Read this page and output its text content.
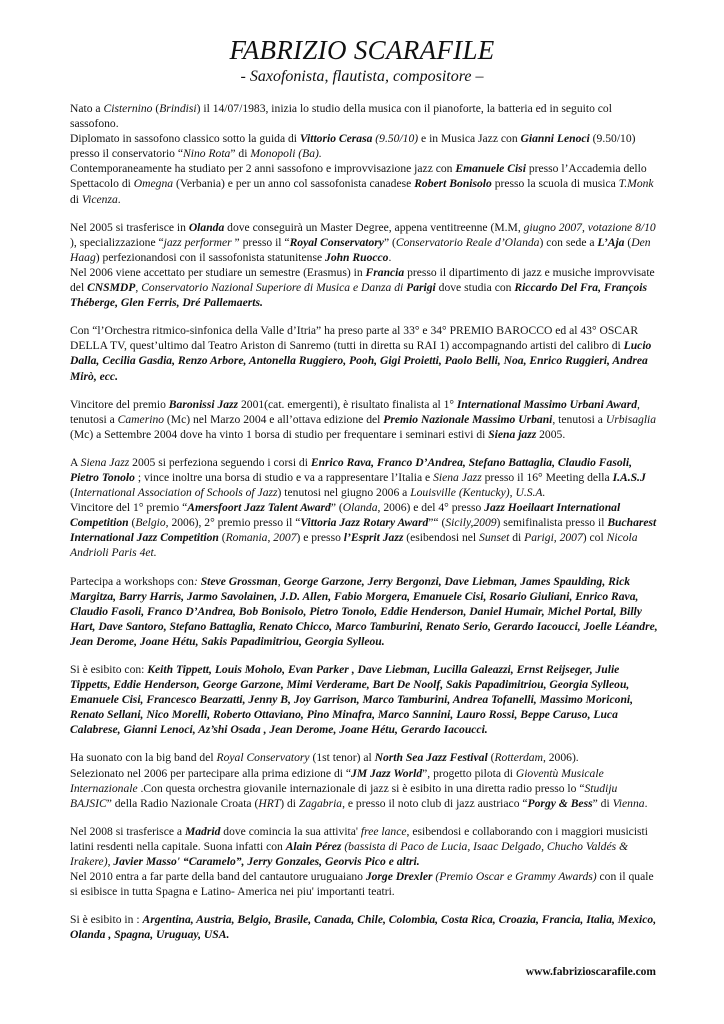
FABRIZIO SCARAFILE
- Saxofonista, flautista, compositore –

Nato a Cisternino (Brindisi) il 14/07/1983, inizia lo studio della musica con il pianoforte, la batteria ed in seguito col sassofono.
Diplomato in sassofono classico sotto la guida di Vittorio Cerasa (9.50/10) e in Musica Jazz con Gianni Lenoci (9.50/10) presso il conservatorio “Nino Rota” di Monopoli (Ba).
Contemporaneamente ha studiato per 2 anni sassofono e improvvisazione jazz con Emanuele Cisi presso l’Accademia dello Spettacolo di Omegna (Verbania) e per un anno col sassofonista canadese Robert Bonisolo presso la scuola di musica T.Monk di Vicenza.

Nel 2005 si trasferisce in Olanda dove conseguirà un Master Degree, appena ventitreenne (M.M, giugno 2007, votazione 8/10 ), specializzazione “jazz performer ” presso il “Royal Conservatory” (Conservatorio Reale d’Olanda) con sede a L’Aja (Den Haag) perfezionandosi con il sassofonista statunitense John Ruocco.
Nel 2006 viene accettato per studiare un semestre (Erasmus) in Francia presso il dipartimento di jazz e musiche improvvisate del CNSMDP, Conservatorio Nazional Superiore di Musica e Danza di Parigi dove studia con Riccardo Del Fra, François Théberge, Glen Ferris, Dré Pallemaerts.

Con “l’Orchestra ritmico-sinfonica della Valle d’Itria” ha preso parte al 33° e 34° PREMIO BAROCCO ed al 43° OSCAR DELLA TV, quest’ultimo dal Teatro Ariston di Sanremo (tutti in diretta su RAI 1) accompagnando artisti del calibro di Lucio Dalla, Cecilia Gasdia, Renzo Arbore, Antonella Ruggiero, Pooh, Gigi Proietti, Paolo Belli, Noa, Enrico Ruggieri, Andrea Mirò, ecc.

Vincitore del premio Baronissi Jazz 2001(cat. emergenti), è risultato finalista al 1° International Massimo Urbani Award, tenutosi a Camerino (Mc) nel Marzo 2004 e all’ottava edizione del Premio Nazionale Massimo Urbani, tenutosi a Urbisaglia (Mc) a Settembre 2004 dove ha vinto 1 borsa di studio per frequentare i seminari estivi di Siena jazz 2005.

A Siena Jazz 2005 si perfeziona seguendo i corsi di Enrico Rava, Franco D’Andrea, Stefano Battaglia, Claudio Fasoli, Pietro Tonolo ; vince inoltre una borsa di studio e va a rappresentare l’Italia e Siena Jazz presso il 16° Meeting della I.A.S.J (International Association of Schools of Jazz) tenutosi nel giugno 2006 a Louisville (Kentucky), U.S.A.
Vincitore del 1° premio “Amersfoort Jazz Talent Award” (Olanda, 2006) e del 4° presso Jazz Hoeilaart International Competition (Belgio, 2006), 2° premio presso il “Vittoria Jazz Rotary Award”“ (Sicily,2009) semifinalista presso il Bucharest International Jazz Competition (Romania, 2007) e presso l’Esprit Jazz (esibendosi nel Sunset di Parigi, 2007) col Nicola Andrioli Paris 4et.

Partecipa a workshops con: Steve Grossman, George Garzone, Jerry Bergonzi, Dave Liebman, James Spaulding, Rick Margitza, Barry Harris, Jarmo Savolainen, J.D. Allen, Fabio Morgera, Emanuele Cisi, Rosario Giuliani, Enrico Rava, Claudio Fasoli, Franco D’Andrea, Bob Bonisolo, Pietro Tonolo, Eddie Henderson, Daniel Humair, Michel Portal, Billy Hart, Dave Santoro, Stefano Battaglia, Renato Chicco, Marco Tamburini, Renato Serio, Gerardo Iacoucci, Joelle Léandre, Jean Derome, Joane Hétu, Sakis Papadimitriou, Georgia Sylleou.

Si è esibito con: Keith Tippett, Louis Moholo, Evan Parker , Dave Liebman, Lucilla Galeazzi, Ernst Reijseger, Julie Tippetts, Eddie Henderson, George Garzone, Mimi Verderame, Bart De Noolf, Sakis Papadimitriou, Georgia Sylleou, Emanuele Cisi, Francesco Bearzatti, Jenny B, Joy Garrison, Marco Tamburini, Andrea Tofanelli, Massimo Moriconi, Renato Sellani, Nico Morelli, Roberto Ottaviano, Pino Minafra, Marco Sannini, Lauro Rossi, Beppe Caruso, Luca Calabrese, Gianni Lenoci, Az’shi Osada , Jean Derome, Joane Hétu, Gerardo Iacoucci.

Ha suonato con la big band del Royal Conservatory (1st tenor) al North Sea Jazz Festival (Rotterdam, 2006).
Selezionato nel 2006 per partecipare alla prima edizione di “JM Jazz World”, progetto pilota di Gioventù Musicale Internazionale .Con questa orchestra giovanile internazionale di jazz si è esibito in una diretta radio presso lo “Studiju BAJSIC” della Radio Nazionale Croata (HRT) di Zagabria, e presso il noto club di jazz austriaco “Porgy & Bess” di Vienna.

Nel 2008 si trasferisce a Madrid dove comincia la sua attivita' free lance, esibendosi e collaborando con i maggiori musicisti latini resdenti nella capitale. Suona infatti con Alain Pérez (bassista di Paco de Lucia, Isaac Delgado, Chucho Valdés & Irakere), Javier Masso' “Caramelo”, Jerry Gonzales, Georvis Pico e altri.
Nel 2010 entra a far parte della band del cantautore uruguaiano Jorge Drexler (Premio Oscar e Grammy Awards) con il quale si esibisce in tutta Spagna e Latino- America nei piu' importanti teatri.

Si è esibito in : Argentina, Austria, Belgio, Brasile, Canada, Chile, Colombia, Costa Rica, Croazia, Francia, Italia, Mexico, Olanda , Spagna, Uruguay, USA.

www.fabrizioscarafile.com
